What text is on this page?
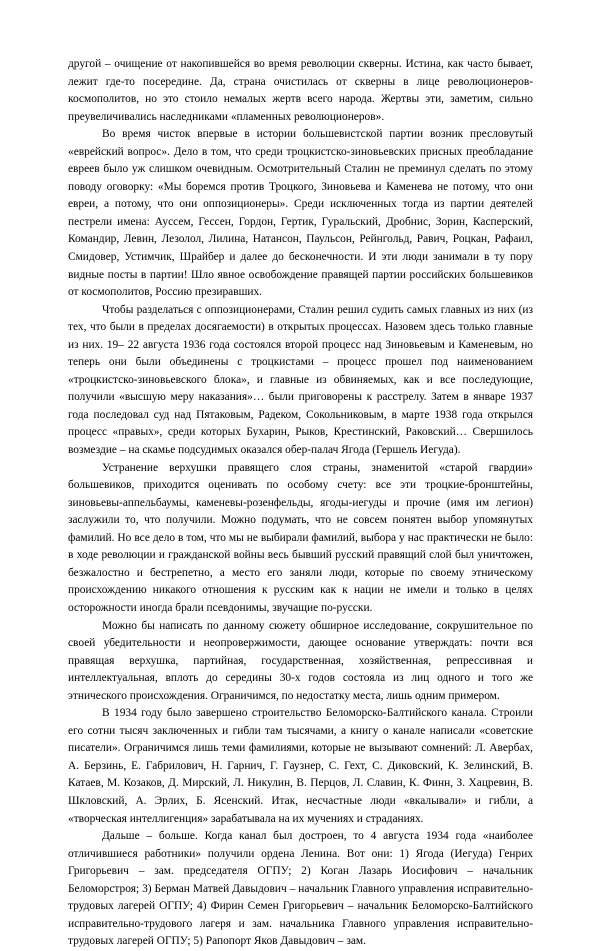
другой – очищение от накопившейся во время революции скверны. Истина, как часто бывает, лежит где-то посередине. Да, страна очистилась от скверны в лице революционеров-космополитов, но это стоило немалых жертв всего народа. Жертвы эти, заметим, сильно преувеличивались наследниками «пламенных революционеров».

Во время чисток впервые в истории большевистской партии возник пресловутый «еврейский вопрос». Дело в том, что среди троцкистско-зиновьевских присных преобладание евреев было уж слишком очевидным. Осмотрительный Сталин не преминул сделать по этому поводу оговорку: «Мы боремся против Троцкого, Зиновьева и Каменева не потому, что они евреи, а потому, что они оппозиционеры». Среди исключенных тогда из партии деятелей пестрели имена: Ауссем, Гессен, Гордон, Гертик, Гуральский, Дробнис, Зорин, Касперский, Командир, Левин, Лезолол, Лилина, Натансон, Паульсон, Рейнгольд, Равич, Роцкан, Рафаил, Смидовер, Устимчик, Шрайбер и далее до бесконечности. И эти люди занимали в ту пору видные посты в партии! Шло явное освобождение правящей партии российских большевиков от космополитов, Россию презиравших.

Чтобы разделаться с оппозиционерами, Сталин решил судить самых главных из них (из тех, что были в пределах досягаемости) в открытых процессах. Назовем здесь только главные из них. 19– 22 августа 1936 года состоялся второй процесс над Зиновьевым и Каменевым, но теперь они были объединены с троцкистами – процесс прошел под наименованием «троцкистско-зиновьевского блока», и главные из обвиняемых, как и все последующие, получили «высшую меру наказания»… были приговорены к расстрелу. Затем в январе 1937 года последовал суд над Пятаковым, Радеком, Сокольниковым, в марте 1938 года открылся процесс «правых», среди которых Бухарин, Рыков, Крестинский, Раковский… Свершилось возмездие – на скамье подсудимых оказался обер-палач Ягода (Гершель Иегуда).

Устранение верхушки правящего слоя страны, знаменитой «старой гвардии» большевиков, приходится оценивать по особому счету: все эти троцкие-бронштейны, зиновьевы-аппельбаумы, каменевы-розенфельды, ягоды-иегуды и прочие (имя им легион) заслужили то, что получили. Можно подумать, что не совсем понятен выбор упомянутых фамилий. Но все дело в том, что мы не выбирали фамилий, выбора у нас практически не было: в ходе революции и гражданской войны весь бывший русский правящий слой был уничтожен, безжалостно и бестрепетно, а место его заняли люди, которые по своему этническому происхождению никакого отношения к русским как к нации не имели и только в целях осторожности иногда брали псевдонимы, звучащие по-русски.

Можно бы написать по данному сюжету обширное исследование, сокрушительное по своей убедительности и неопровержимости, дающее основание утверждать: почти вся правящая верхушка, партийная, государственная, хозяйственная, репрессивная и интеллектуальная, вплоть до середины 30-х годов состояла из лиц одного и того же этнического происхождения. Ограничимся, по недостатку места, лишь одним примером.

В 1934 году было завершено строительство Беломорско-Балтийского канала. Строили его сотни тысяч заключенных и гибли там тысячами, а книгу о канале написали «советские писатели». Ограничимся лишь теми фамилиями, которые не вызывают сомнений: Л. Авербах, А. Берзинь, Е. Габрилович, Н. Гарнич, Г. Гаузнер, С. Гехт, С. Диковский, К. Зелинский, В. Катаев, М. Козаков, Д. Мирский, Л. Никулин, В. Перцов, Л. Славин, К. Финн, З. Хацревин, В. Шкловский, А. Эрлих, Б. Ясенский. Итак, несчастные люди «вкалывали» и гибли, а «творческая интеллигенция» зарабатывала на их мучениях и страданиях.

Дальше – больше. Когда канал был достроен, то 4 августа 1934 года «наиболее отличившиеся работники» получили ордена Ленина. Вот они: 1) Ягода (Иегуда) Генрих Григорьевич – зам. председателя ОГПУ; 2) Коган Лазарь Иосифович – начальник Беломорстроя; 3) Берман Матвей Давыдович – начальник Главного управления исправительно-трудовых лагерей ОГПУ; 4) Фирин Семен Григорьевич – начальник Беломорско-Балтийского исправительно-трудового лагеря и зам. начальника Главного управления исправительно-трудовых лагерей ОГПУ; 5) Рапопорт Яков Давыдович – зам.
